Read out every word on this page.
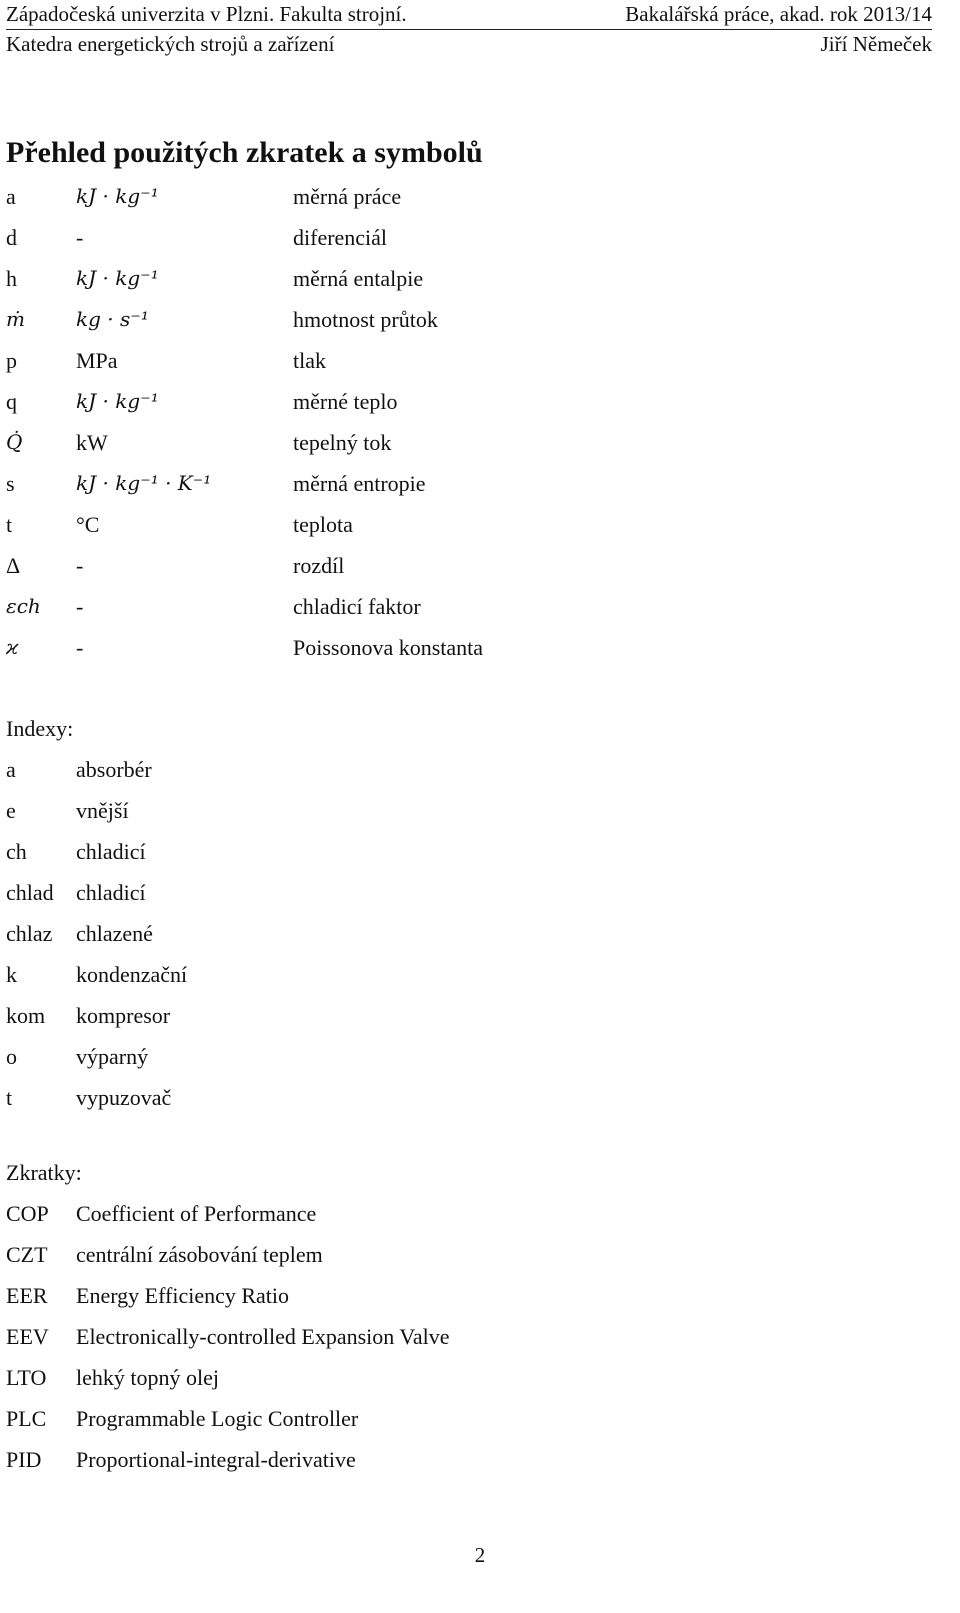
Západočeská univerzita v Plzni. Fakulta strojní.	Bakalářská práce, akad. rok 2013/14
Katedra energetických strojů a zařízení	Jiří Němeček
Přehled použitých zkratek a symbolů
a	kJ · kg⁻¹	měrná práce
d	-	diferenciál
h	kJ · kg⁻¹	měrná entalpie
ṁ	kg · s⁻¹	hmotnost průtok
p	MPa	tlak
q	kJ · kg⁻¹	měrné teplo
Q̇ kW	tepelný tok
s	kJ · kg⁻¹ · K⁻¹	měrná entropie
t	°C	teplota
Δ	-	rozdíl
εch -	chladicí faktor
ϰ	-	Poissonova konstanta
Indexy:
a	absorbér
e	vnější
ch chladicí
chlad chladicí
chlaz chlazené
k	kondenzační
kom kompresor
o	výparný
t	vypuzovač
Zkratky:
COP Coefficient of Performance
CZT centrální zásobování teplem
EER Energy Efficiency Ratio
EEV Electronically-controlled Expansion Valve
LTO lehký topný olej
PLC Programmable Logic Controller
PID Proportional-integral-derivative
2
